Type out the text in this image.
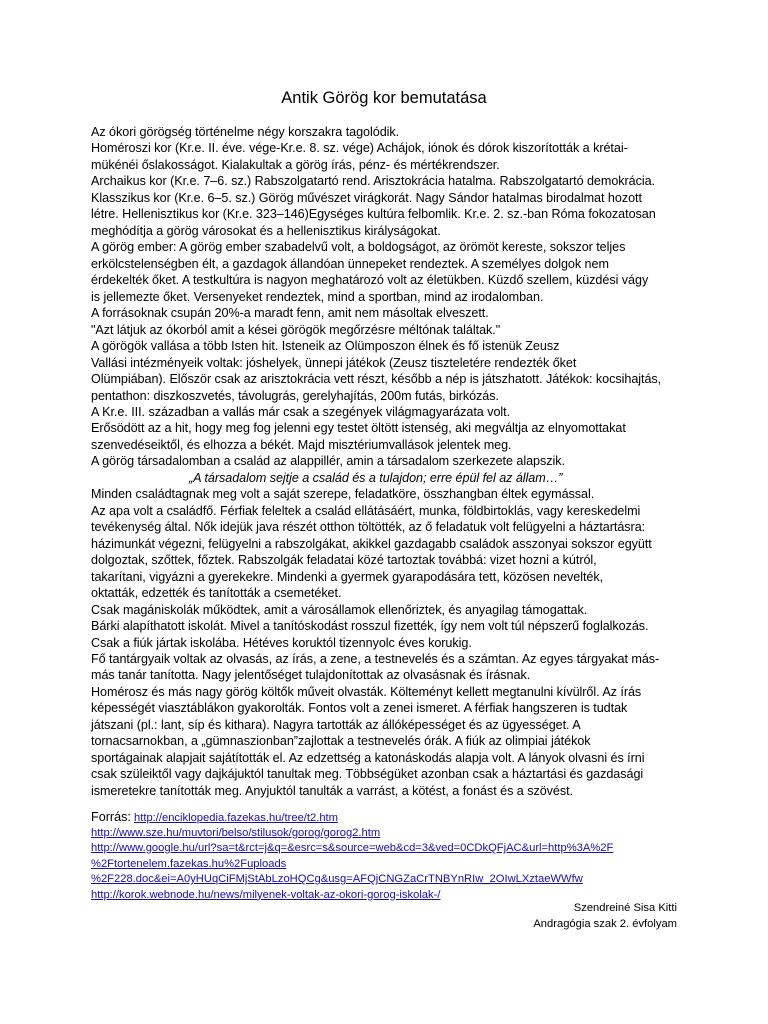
Antik Görög kor bemutatása
Az ókori görögség történelme négy korszakra tagolódik.
Homéroszi kor (Kr.e. II. éve. vége-Kr.e. 8. sz. vége) Achájok, iónok és dórok kiszorították a krétai-
mükénéi őslakosságot. Kialakultak a görög írás, pénz- és mértékrendszer.
Archaikus kor (Kr.e. 7–6. sz.) Rabszolgatartó rend. Arisztokrácia hatalma. Rabszolgatartó demokrácia.
Klasszikus kor (Kr.e. 6–5. sz.) Görög művészet virágkorát. Nagy Sándor hatalmas birodalmat hozott
létre. Hellenisztikus kor (Kr.e. 323–146)Egységes kultúra felbomlik. Kr.e. 2. sz.-ban Róma fokozatosan
meghódítja a görög városokat és a hellenisztikus királyságokat.
A görög ember: A görög ember szabadelvű volt, a boldogságot, az örömöt kereste, sokszor teljes
erkölcstelenségben élt, a gazdagok állandóan ünnepeket rendeztek. A személyes dolgok nem
érdekelték őket. A testkultúra is nagyon meghatározó volt az életükben. Küzdő szellem, küzdési vágy
is jellemezte őket. Versenyeket rendeztek, mind a sportban, mind az irodalomban.
A forrásoknak csupán 20%-a maradt fenn, amit nem másoltak elveszett.
"Azt látjuk az ókorból amit a kései görögök megőrzésre méltónak találtak."
A görögök vallása a több Isten hit. Isteneik az Olümposzon élnek és fő istenük Zeusz
Vallási intézményeik voltak: jóshelyek, ünnepi játékok (Zeusz tiszteletére rendezték őket
Olümpiában). Először csak az arisztokrácia vett részt, később a nép is játszhatott. Játékok: kocsihajtás,
pentathon: diszkoszvetés, távolugrás, gerelyhajítás, 200m futás, birkózás.
A Kr.e. III. században a vallás már csak a szegények világmagyarázata volt.
Erősödött az a hit, hogy meg fog jelenni egy testet öltött istenség, aki megváltja az elnyomottakat
szenvedéseiktől, és elhozza a békét. Majd misztériumvallások jelentek meg.
A görög társadalomban a család az alappillér, amin a társadalom szerkezete alapszik.
„A társadalom sejtje a család és a tulajdon; erre épül fel az állam…”
Minden családtagnak meg volt a saját szerepe, feladatköre, összhangban éltek egymással.
Az apa volt a családfő. Férfiak feleltek a család ellátásáért, munka, földbirtoklás, vagy kereskedelmi
tevékenység által. Nők idejük java részét otthon töltötték, az ő feladatuk volt felügyelni a háztartásra:
házimunkát végezni, felügyelni a rabszolgákat, akikkel gazdagabb családok asszonyai sokszor együtt
dolgoztak, szőttek, főztek. Rabszolgák feladatai közé tartoztak továbbá: vizet hozni a kútról,
takarítani, vigyázni a gyerekekre. Mindenki a gyermek gyarapodására tett, közösen nevelték,
oktatták, edzették és tanították a csemetéket.
Csak magániskolák működtek, amit a városállamok ellenőriztek, és anyagilag támogattak.
Bárki alapíthatott iskolát. Mivel a tanítóskodást rosszul fizették, így nem volt túl népszerű foglalkozás.
Csak a fiúk jártak iskolába. Hétéves koruktól tizennyolc éves korukig.
Fő tantárgyaik voltak az olvasás, az írás, a zene, a testnevelés és a számtan. Az egyes tárgyakat más-
más tanár tanította. Nagy jelentőséget tulajdonítottak az olvasásnak és írásnak.
Homérosz és más nagy görög költők műveit olvasták. Költeményt kellett megtanulni kívülről. Az írás
képességét viasztáblákon gyakorolták. Fontos volt a zenei ismeret. A férfiak hangszeren is tudtak
játszani (pl.: lant, síp és kithara). Nagyra tartották az állóképességet és az ügyességet. A
tornacsarnokban, a „gümnaszionban”zajlottak a testnevelés órák. A fiúk az olimpiai játékok
sportágainak alapjait sajátították el. Az edzettség a katonáskodás alapja volt. A lányok olvasni és írni
csak szüleiktől vagy dajkájuktól tanultak meg. Többségüket azonban csak a háztartási és gazdasági
ismeretekre tanították meg. Anyjuktól tanulták a varrást, a kötést, a fonást és a szövést.
Forrás: http://enciklopedia.fazekas.hu/tree/t2.htm
http://www.sze.hu/muvtori/belso/stilusok/gorog/gorog2.htm
http://www.google.hu/url?sa=t&rct=j&q=&esrc=s&source=web&cd=3&ved=0CDkQFjAC&url=http%3A%2F
%2Ftortenelem.fazekas.hu%2Fuploads
%2F228.doc&ei=A0yHUqCiFMjStAbLzoHQCg&usg=AFQjCNGZaCrTNBYnRIw_2OIwLXztaeWWfw
http://korok.webnode.hu/news/milyenek-voltak-az-okori-gorog-iskolak-/
Szendreiné Sisa Kitti
Andragógia szak 2. évfolyam
